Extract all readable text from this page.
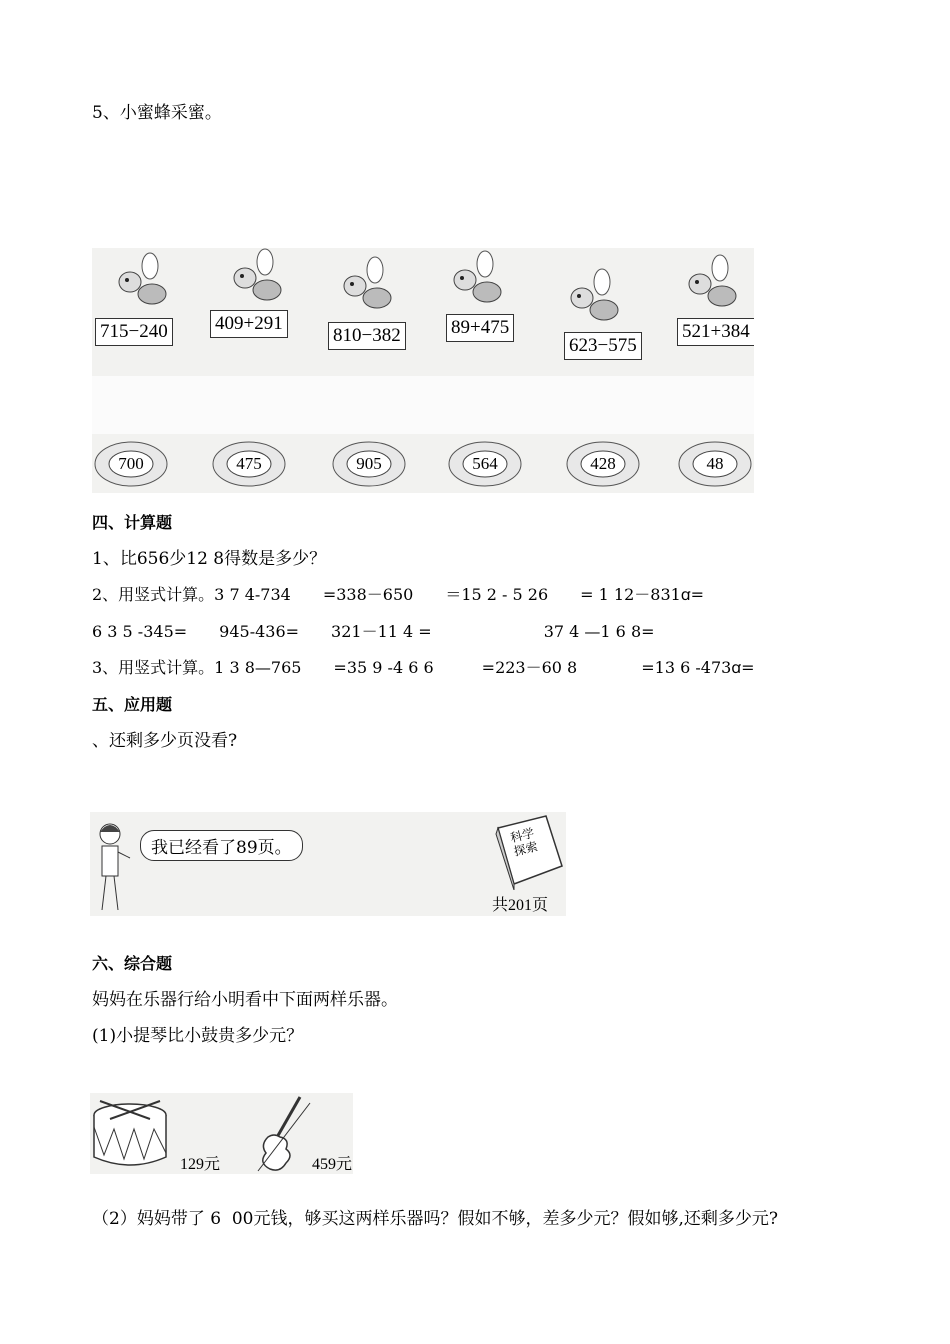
5、小蜜蜂采蜜。
715−240 409+291
810−382	89+475
623−575
521+384
700	475	905	564	428	48
四、计算题
1、比656少12 8得数是多少？
2、用竖式计算。3 7 4-734　　=338－650　　＝15 2 - 5 26　　= 1 12－831ꭤ=
6 3 5 -345=　　945-436=　　321－11 4 =　　　　　　　37 4 —1 6 8=
3、用竖式计算。1 3 8—765　　=35 9 -4 6 6　　　=223－60 8　　　　=13 6 -473ꭤ=
五、应用题
、还剩多少页没看?
我已经看了89页。
科学探索
共201页
六、综合题
妈妈在乐器行给小明看中下面两样乐器。
(1)小提琴比小鼓贵多少元？
129元	459元
（2）妈妈带了 6  00元钱，够买这两样乐器吗？假如不够，差多少元？假如够,还剩多少元?
